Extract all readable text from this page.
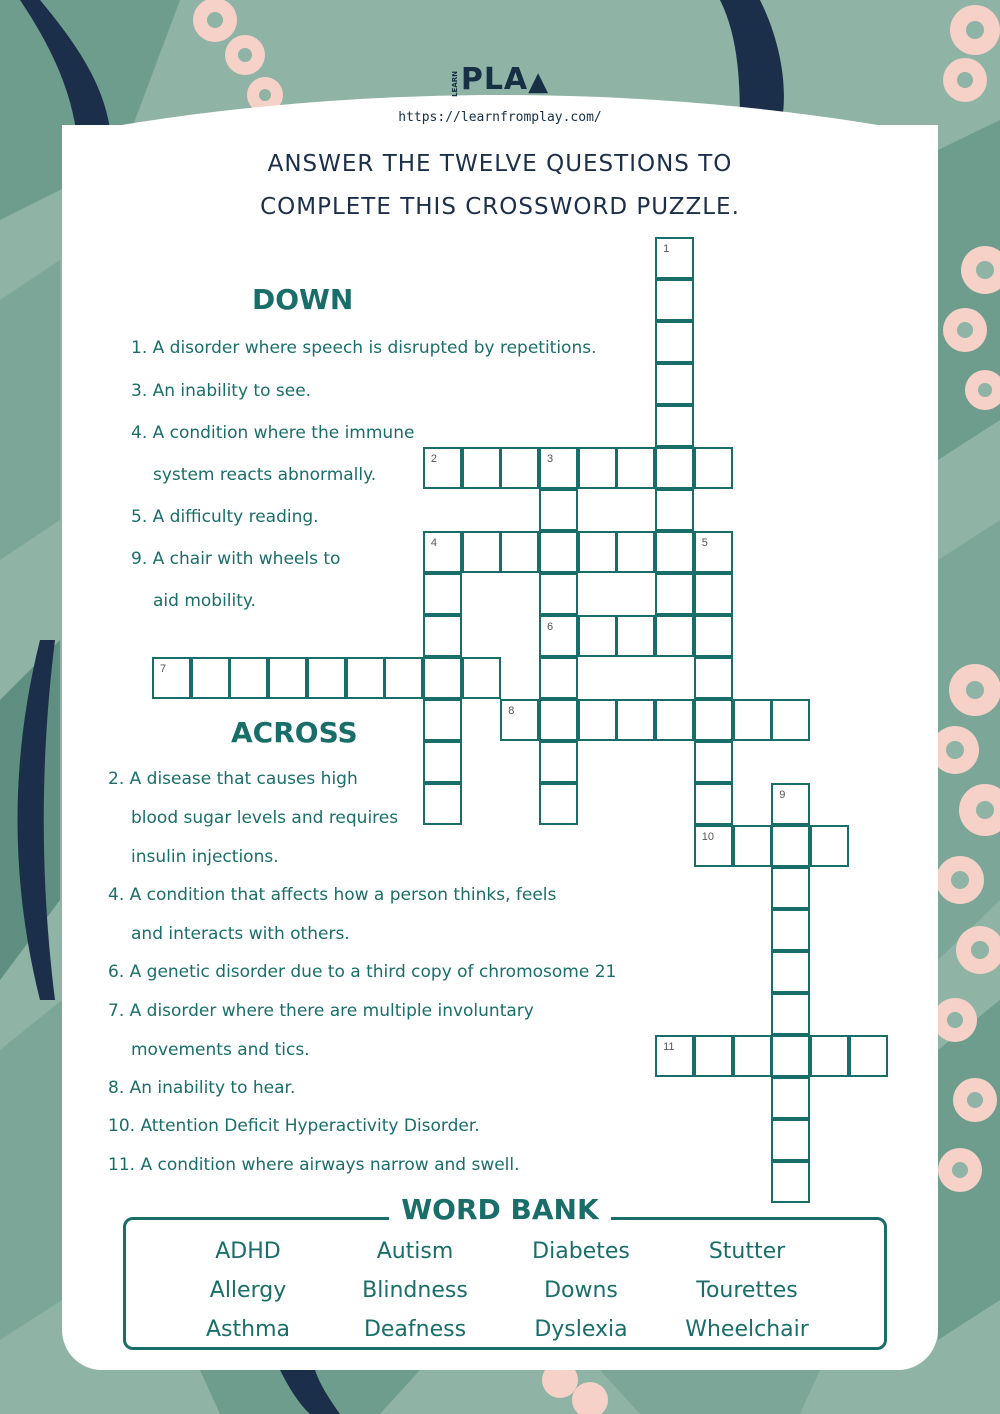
LEARN PLA ▲
https://learnfromplay.com/
ANSWER THE TWELVE QUESTIONS TO
COMPLETE THIS CROSSWORD PUZZLE.
DOWN
1. A disorder where speech is disrupted by repetitions.
3. An inability to see.
4. A condition where the immune
system reacts abnormally.
5. A difficulty reading.
9. A chair with wheels to
aid mobility.
ACROSS
2. A disease that causes high
blood sugar levels and requires
insulin injections.
4. A condition that affects how a person thinks, feels
and interacts with others.
6. A genetic disorder due to a third copy of chromosome 21
7. A disorder where there are multiple involuntary
movements and tics.
8. An inability to hear.
10. Attention Deficit Hyperactivity Disorder.
11. A condition where airways narrow and swell.
1
2	3
6
4	5
10
7
8
9
11
WORD BANK
ADHD	Autism	Diabetes	Stutter
Allergy	Blindness	Downs	Tourettes
Asthma	Deafness	Dyslexia	Wheelchair
